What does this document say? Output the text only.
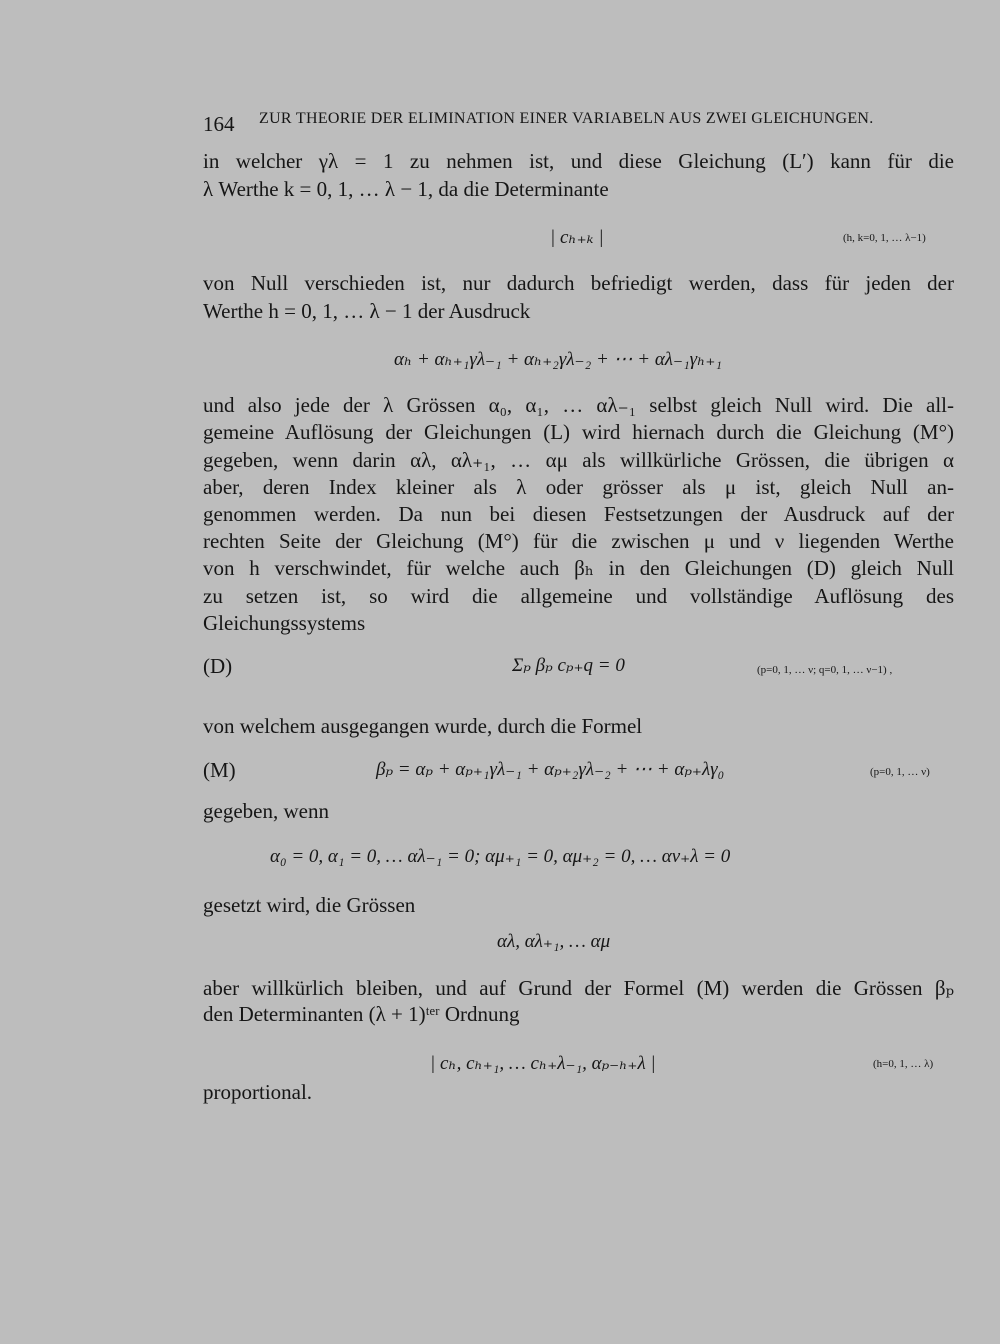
164 ZUR THEORIE DER ELIMINATION EINER VARIABELN AUS ZWEI GLEICHUNGEN.
in welcher γλ = 1 zu nehmen ist, und diese Gleichung (L′) kann für die
λ Werthe k = 0, 1, … λ − 1, da die Determinante
| cₕ₊ₖ |	(h, k=0, 1, … λ−1)
von Null verschieden ist, nur dadurch befriedigt werden, dass für jeden der
Werthe h = 0, 1, … λ − 1 der Ausdruck
αₕ + αₕ₊₁γλ₋₁ + αₕ₊₂γλ₋₂ + ⋯ + αλ₋₁γₕ₊₁
und also jede der λ Grössen α₀, α₁, … αλ₋₁ selbst gleich Null wird. Die all-
gemeine Auflösung der Gleichungen (L) wird hiernach durch die Gleichung (M°)
gegeben, wenn darin αλ, αλ₊₁, … αμ als willkürliche Grössen, die übrigen α
aber, deren Index kleiner als λ oder grösser als μ ist, gleich Null an-
genommen werden. Da nun bei diesen Festsetzungen der Ausdruck auf der
rechten Seite der Gleichung (M°) für die zwischen μ und ν liegenden Werthe
von h verschwindet, für welche auch βₕ in den Gleichungen (D) gleich Null
zu setzen ist, so wird die allgemeine und vollständige Auflösung des
Gleichungssystems
(D)	Σₚ βₚ cₚ₊q = 0	(p=0, 1, … ν; q=0, 1, … ν−1) ,
von welchem ausgegangen wurde, durch die Formel
(M)	βₚ = αₚ + αₚ₊₁γλ₋₁ + αₚ₊₂γλ₋₂ + ⋯ + αₚ₊λγ₀	(p=0, 1, … ν)
gegeben, wenn
α₀ = 0, α₁ = 0, … αλ₋₁ = 0; αμ₊₁ = 0, αμ₊₂ = 0, … αν₊λ = 0
gesetzt wird, die Grössen
αλ, αλ₊₁, … αμ
aber willkürlich bleiben, und auf Grund der Formel (M) werden die Grössen βₚ
den Determinanten (λ + 1)ᵗᵉʳ Ordnung
| cₕ, cₕ₊₁, … cₕ₊λ₋₁, αₚ₋ₕ₊λ |	(h=0, 1, … λ)
proportional.
